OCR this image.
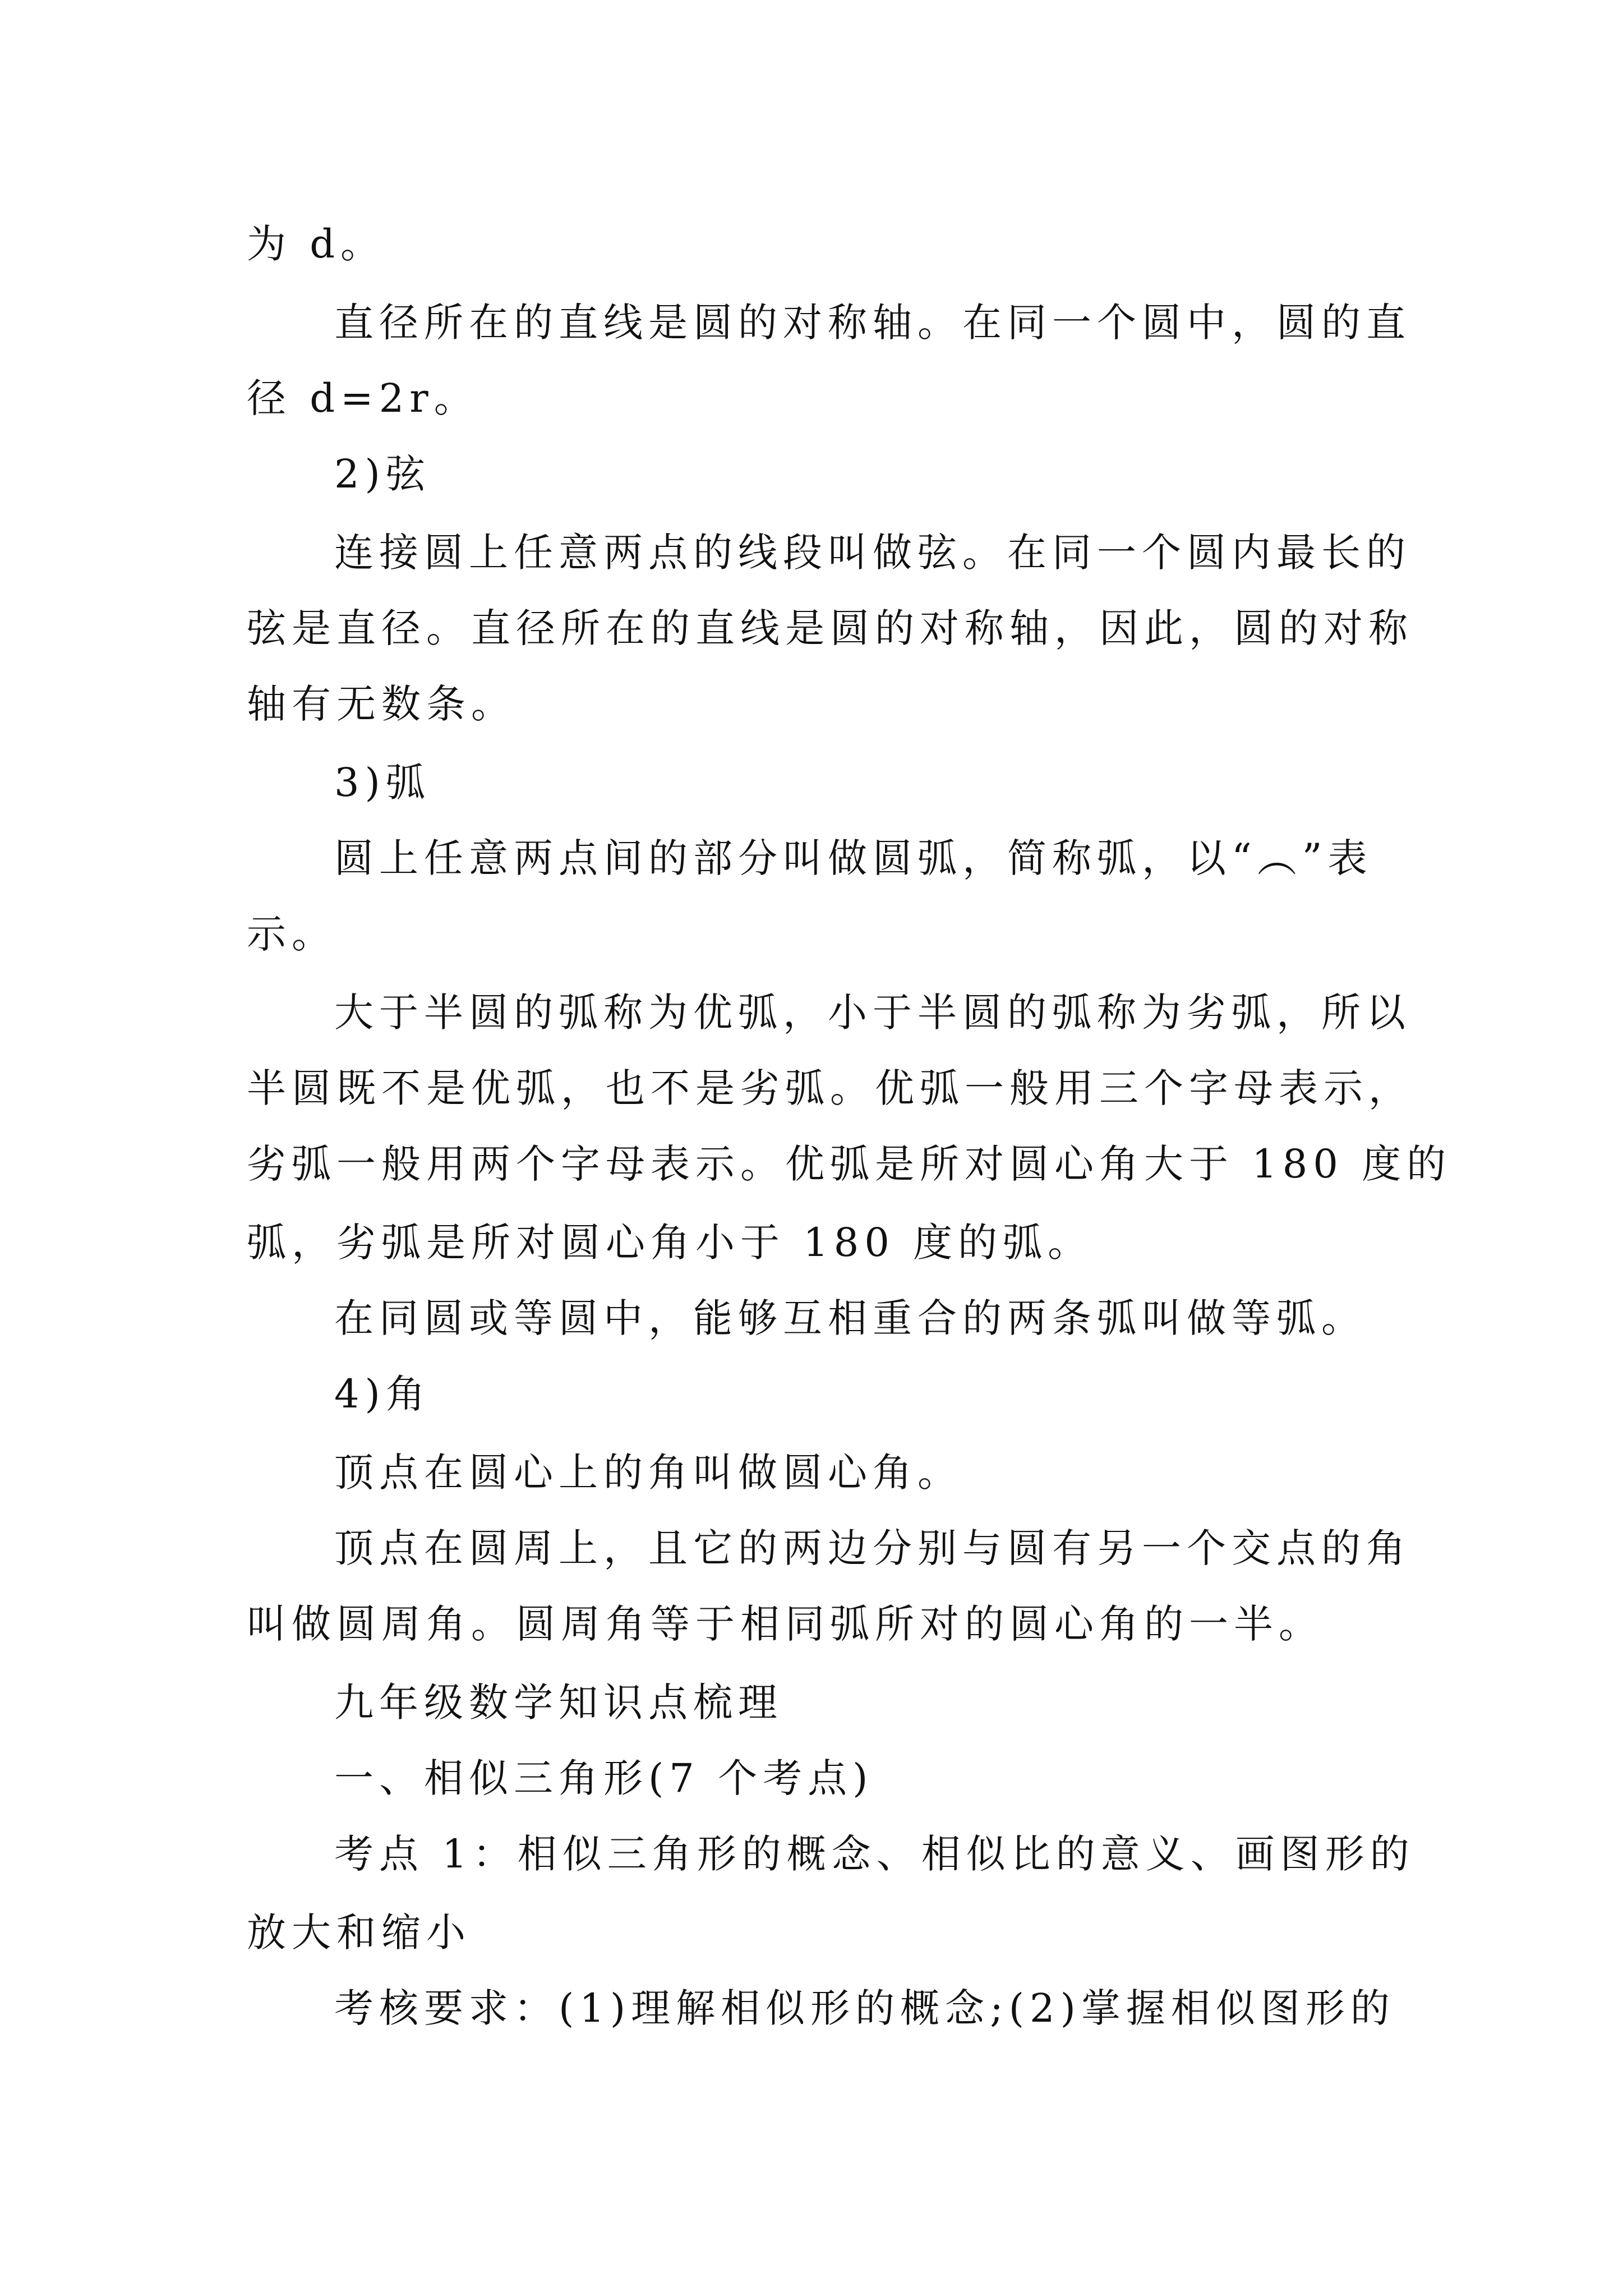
为 d。
直径所在的直线是圆的对称轴。在同一个圆中，圆的直
径 d=2r。
2)弦
连接圆上任意两点的线段叫做弦。在同一个圆内最长的
弦是直径。直径所在的直线是圆的对称轴，因此，圆的对称
轴有无数条。
3)弧
圆上任意两点间的部分叫做圆弧，简称弧，以“︵”表
示。
大于半圆的弧称为优弧，小于半圆的弧称为劣弧，所以
半圆既不是优弧，也不是劣弧。优弧一般用三个字母表示，
劣弧一般用两个字母表示。优弧是所对圆心角大于 180 度的
弧，劣弧是所对圆心角小于 180 度的弧。
在同圆或等圆中，能够互相重合的两条弧叫做等弧。
4)角
顶点在圆心上的角叫做圆心角。
顶点在圆周上，且它的两边分别与圆有另一个交点的角
叫做圆周角。圆周角等于相同弧所对的圆心角的一半。
九年级数学知识点梳理
一、相似三角形(7 个考点)
考点 1：相似三角形的概念、相似比的意义、画图形的
放大和缩小
考核要求：(1)理解相似形的概念;(2)掌握相似图形的
